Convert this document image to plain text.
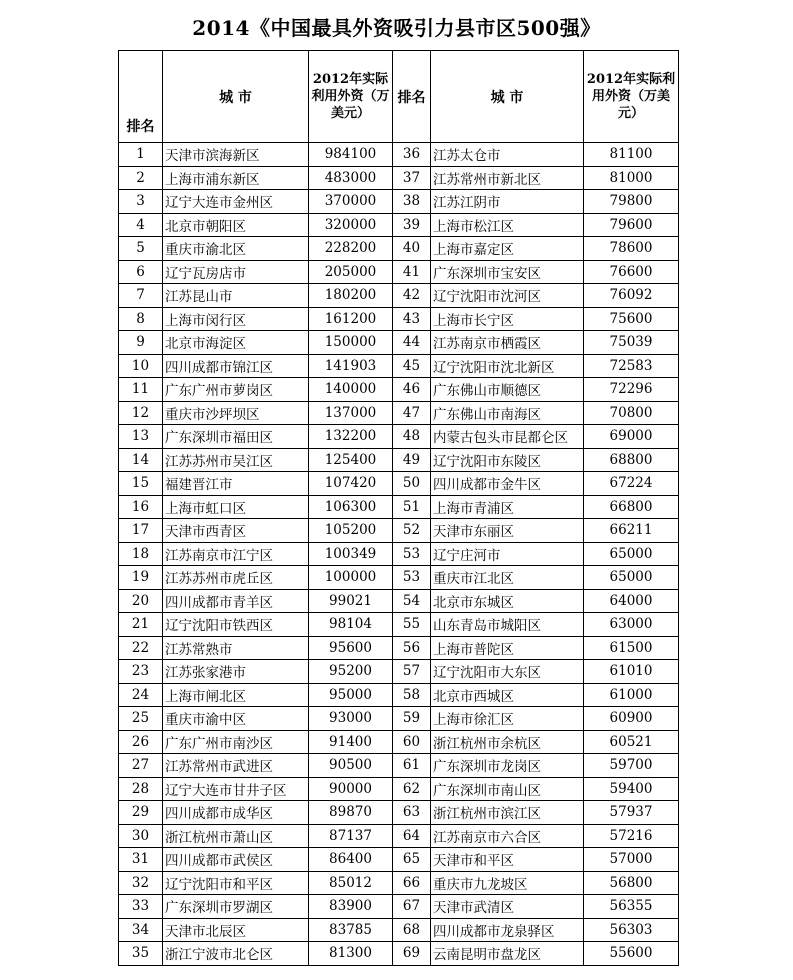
2014《中国最具外资吸引力县市区500强》
排名	城 市	2012年实际利用外资（万美元）	排名	城 市	2012年实际利用外资（万美元）
1	天津市滨海新区	984100	36	江苏太仓市	81100
2	上海市浦东新区	483000	37	江苏常州市新北区	81000
3	辽宁大连市金州区	370000	38	江苏江阴市	79800
4	北京市朝阳区	320000	39	上海市松江区	79600
5	重庆市渝北区	228200	40	上海市嘉定区	78600
6	辽宁瓦房店市	205000	41	广东深圳市宝安区	76600
7	江苏昆山市	180200	42	辽宁沈阳市沈河区	76092
8	上海市闵行区	161200	43	上海市长宁区	75600
9	北京市海淀区	150000	44	江苏南京市栖霞区	75039
10	四川成都市锦江区	141903	45	辽宁沈阳市沈北新区	72583
11	广东广州市萝岗区	140000	46	广东佛山市顺德区	72296
12	重庆市沙坪坝区	137000	47	广东佛山市南海区	70800
13	广东深圳市福田区	132200	48	内蒙古包头市昆都仑区	69000
14	江苏苏州市吴江区	125400	49	辽宁沈阳市东陵区	68800
15	福建晋江市	107420	50	四川成都市金牛区	67224
16	上海市虹口区	106300	51	上海市青浦区	66800
17	天津市西青区	105200	52	天津市东丽区	66211
18	江苏南京市江宁区	100349	53	辽宁庄河市	65000
19	江苏苏州市虎丘区	100000	53	重庆市江北区	65000
20	四川成都市青羊区	99021	54	北京市东城区	64000
21	辽宁沈阳市铁西区	98104	55	山东青岛市城阳区	63000
22	江苏常熟市	95600	56	上海市普陀区	61500
23	江苏张家港市	95200	57	辽宁沈阳市大东区	61010
24	上海市闸北区	95000	58	北京市西城区	61000
25	重庆市渝中区	93000	59	上海市徐汇区	60900
26	广东广州市南沙区	91400	60	浙江杭州市余杭区	60521
27	江苏常州市武进区	90500	61	广东深圳市龙岗区	59700
28	辽宁大连市甘井子区	90000	62	广东深圳市南山区	59400
29	四川成都市成华区	89870	63	浙江杭州市滨江区	57937
30	浙江杭州市萧山区	87137	64	江苏南京市六合区	57216
31	四川成都市武侯区	86400	65	天津市和平区	57000
32	辽宁沈阳市和平区	85012	66	重庆市九龙坡区	56800
33	广东深圳市罗湖区	83900	67	天津市武清区	56355
34	天津市北辰区	83785	68	四川成都市龙泉驿区	56303
35	浙江宁波市北仑区	81300	69	云南昆明市盘龙区	55600
